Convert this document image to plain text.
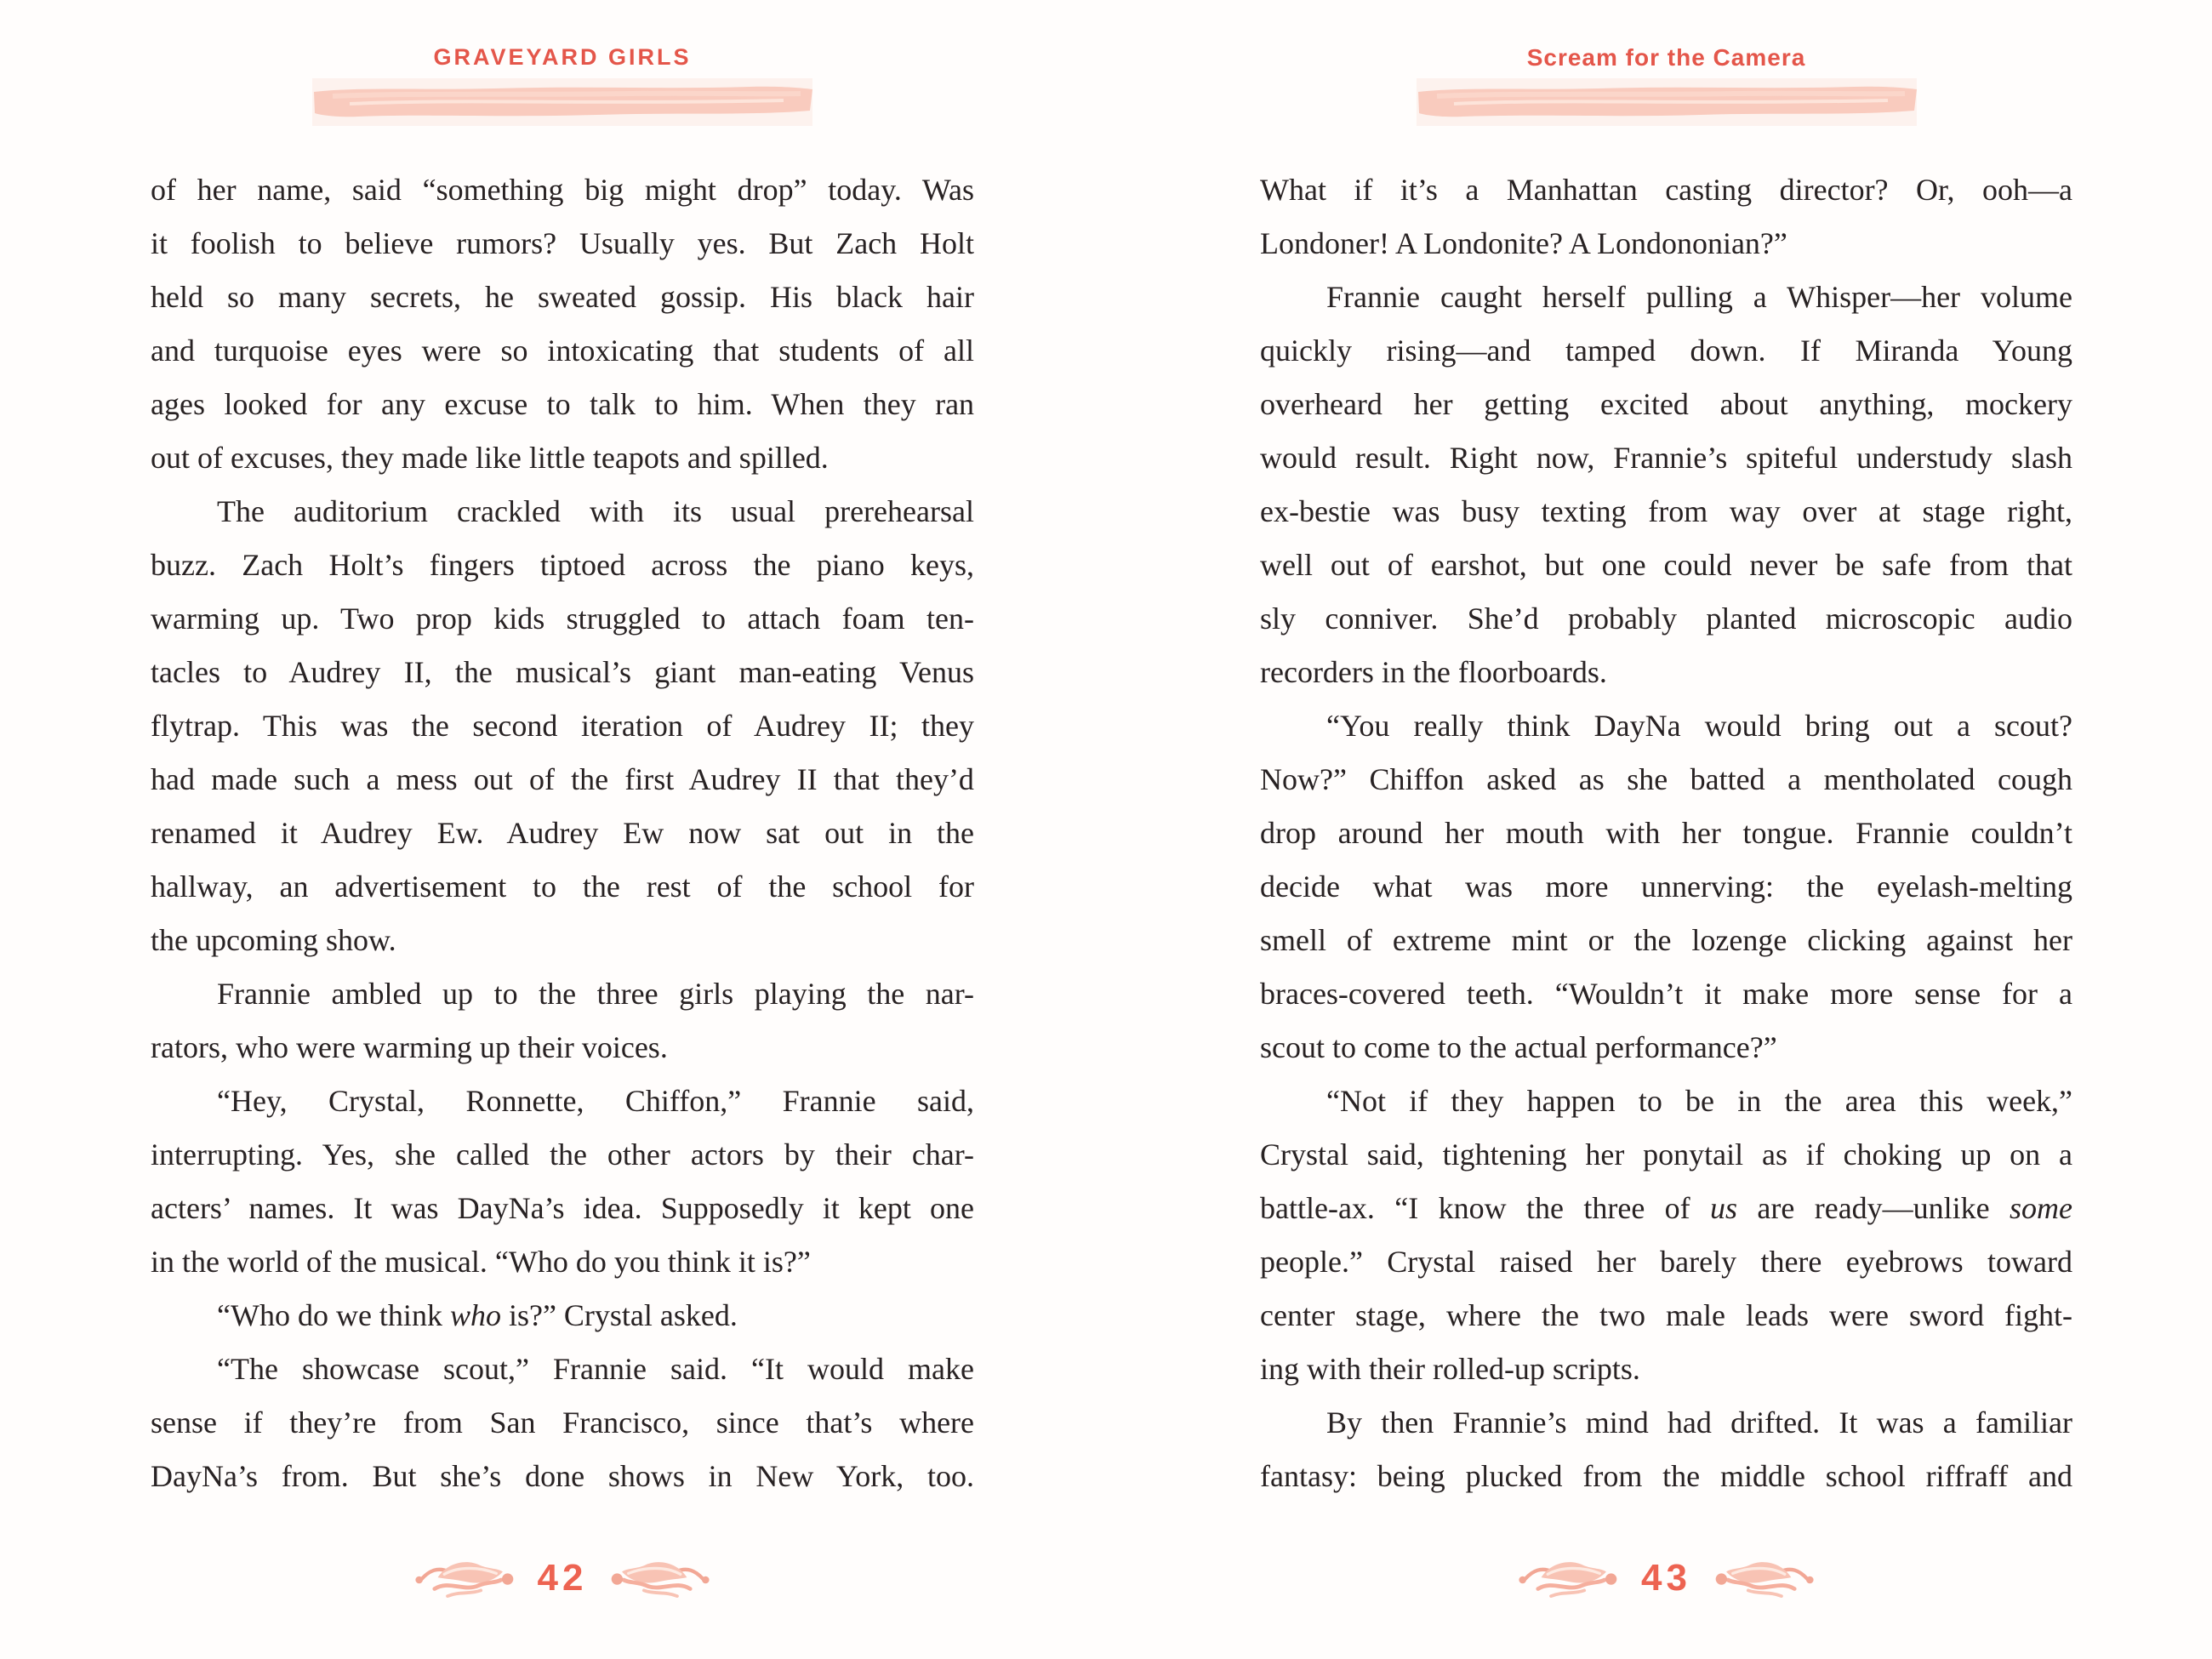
GRAVEYARD GIRLS
of her name, said “something big might drop” today. Was
it foolish to believe rumors? Usually yes. But Zach Holt
held so many secrets, he sweated gossip. His black hair
and turquoise eyes were so intoxicating that students of all
ages looked for any excuse to talk to him. When they ran
out of excuses, they made like little teapots and spilled.
The auditorium crackled with its usual prerehearsal
buzz. Zach Holt’s fingers tiptoed across the piano keys,
warming up. Two prop kids struggled to attach foam ten-
tacles to Audrey II, the musical’s giant man-eating Venus
flytrap. This was the second iteration of Audrey II; they
had made such a mess out of the first Audrey II that they’d
renamed it Audrey Ew. Audrey Ew now sat out in the
hallway, an advertisement to the rest of the school for
the upcoming show.
Frannie ambled up to the three girls playing the nar-
rators, who were warming up their voices.
“Hey, Crystal, Ronnette, Chiffon,” Frannie said,
interrupting. Yes, she called the other actors by their char-
acters’ names. It was DayNa’s idea. Supposedly it kept one
in the world of the musical. “Who do you think it is?”
“Who do we think who is?” Crystal asked.
“The showcase scout,” Frannie said. “It would make
sense if they’re from San Francisco, since that’s where
DayNa’s from. But she’s done shows in New York, too.
42
Scream for the Camera
What if it’s a Manhattan casting director? Or, ooh—a
Londoner! A Londonite? A Londononian?”
Frannie caught herself pulling a Whisper—her volume
quickly rising—and tamped down. If Miranda Young
overheard her getting excited about anything, mockery
would result. Right now, Frannie’s spiteful understudy slash
ex-bestie was busy texting from way over at stage right,
well out of earshot, but one could never be safe from that
sly conniver. She’d probably planted microscopic audio
recorders in the floorboards.
“You really think DayNa would bring out a scout?
Now?” Chiffon asked as she batted a mentholated cough
drop around her mouth with her tongue. Frannie couldn’t
decide what was more unnerving: the eyelash-melting
smell of extreme mint or the lozenge clicking against her
braces-covered teeth. “Wouldn’t it make more sense for a
scout to come to the actual performance?”
“Not if they happen to be in the area this week,”
Crystal said, tightening her ponytail as if choking up on a
battle-ax. “I know the three of us are ready—unlike some
people.” Crystal raised her barely there eyebrows toward
center stage, where the two male leads were sword fight-
ing with their rolled-up scripts.
By then Frannie’s mind had drifted. It was a familiar
fantasy: being plucked from the middle school riffraff and
43
